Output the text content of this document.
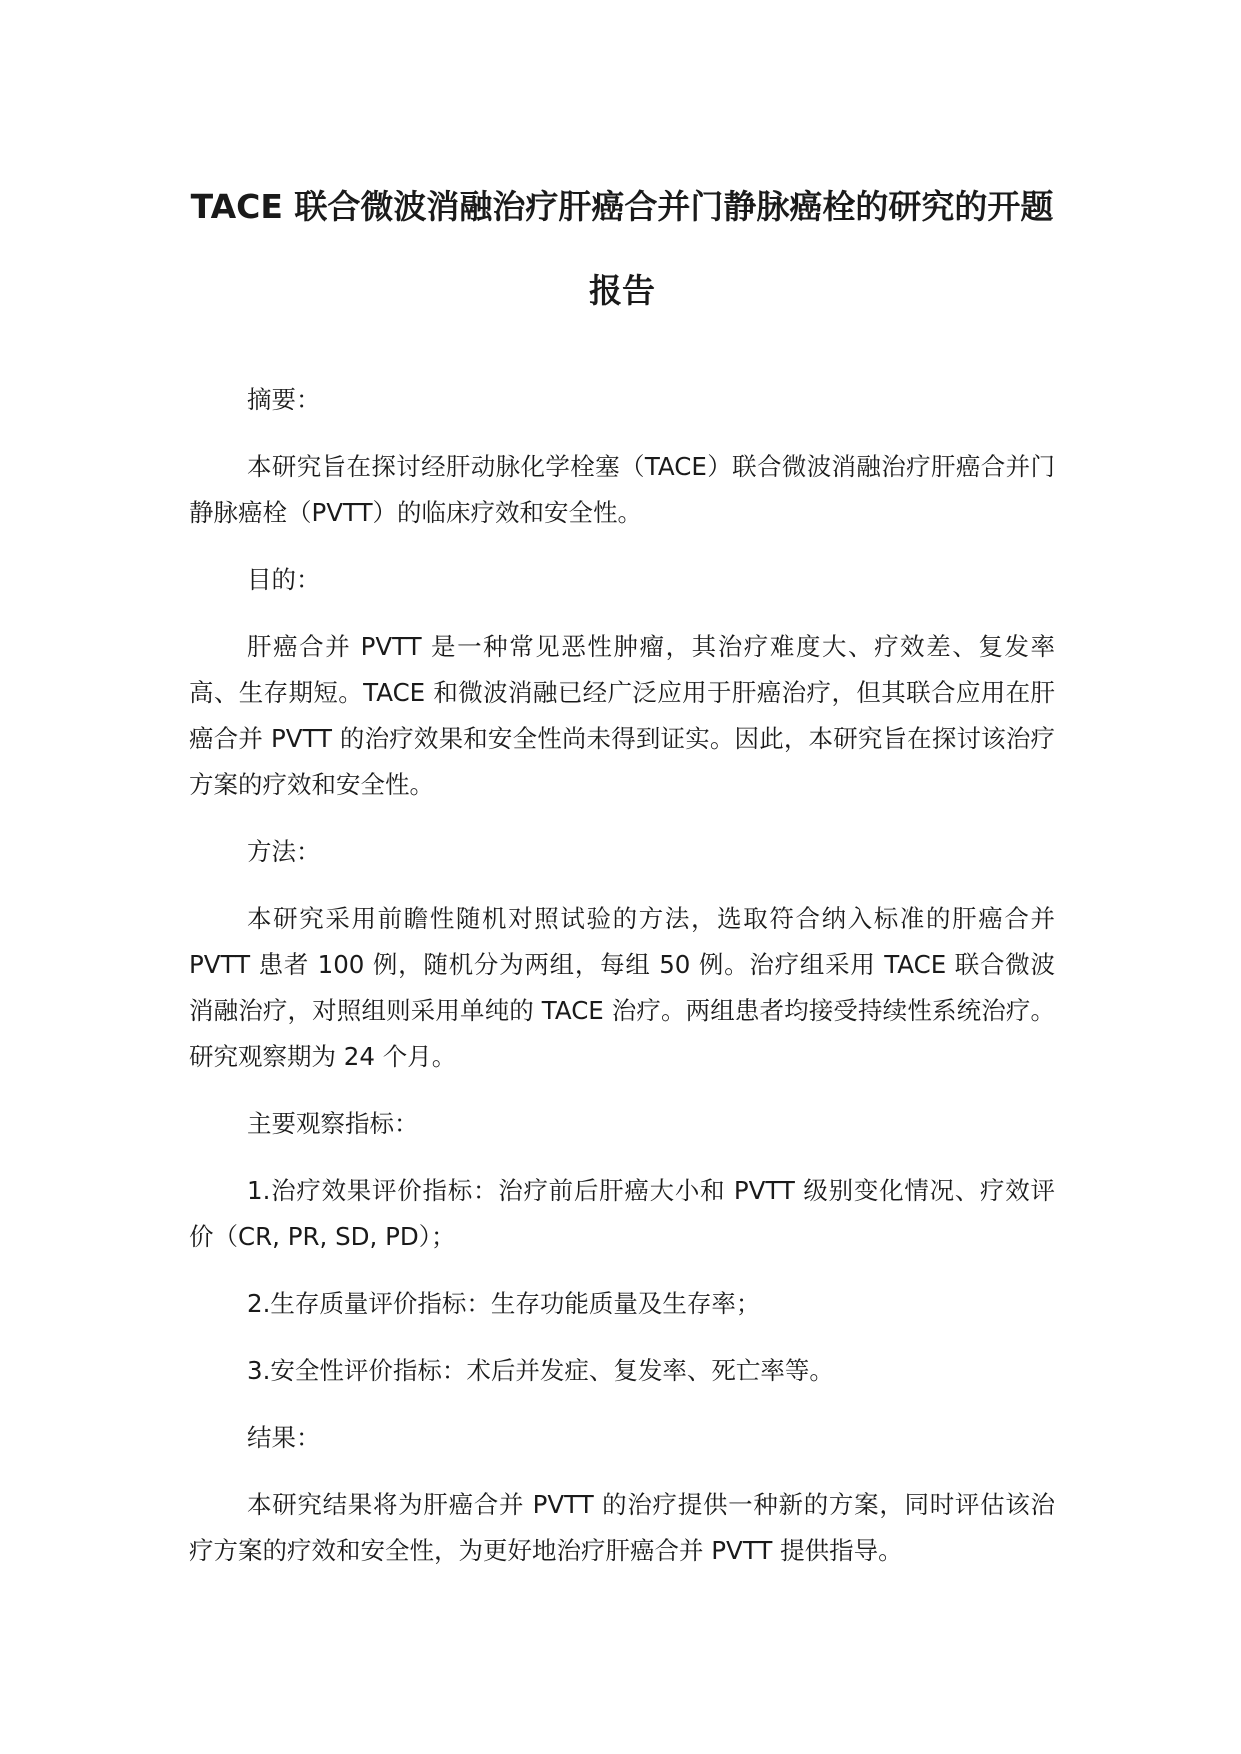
TACE 联合微波消融治疗肝癌合并门静脉癌栓的研究的开题报告

摘要：

本研究旨在探讨经肝动脉化学栓塞（TACE）联合微波消融治疗肝癌合并门静脉癌栓（PVTT）的临床疗效和安全性。

目的：

肝癌合并 PVTT 是一种常见恶性肿瘤，其治疗难度大、疗效差、复发率高、生存期短。TACE 和微波消融已经广泛应用于肝癌治疗，但其联合应用在肝癌合并 PVTT 的治疗效果和安全性尚未得到证实。因此，本研究旨在探讨该治疗方案的疗效和安全性。

方法：

本研究采用前瞻性随机对照试验的方法，选取符合纳入标准的肝癌合并 PVTT 患者 100 例，随机分为两组，每组 50 例。治疗组采用 TACE 联合微波消融治疗，对照组则采用单纯的 TACE 治疗。两组患者均接受持续性系统治疗。研究观察期为 24 个月。

主要观察指标：

1.治疗效果评价指标：治疗前后肝癌大小和 PVTT 级别变化情况、疗效评价（CR, PR, SD, PD）；

2.生存质量评价指标：生存功能质量及生存率；

3.安全性评价指标：术后并发症、复发率、死亡率等。

结果：

本研究结果将为肝癌合并 PVTT 的治疗提供一种新的方案，同时评估该治疗方案的疗效和安全性，为更好地治疗肝癌合并 PVTT 提供指导。
